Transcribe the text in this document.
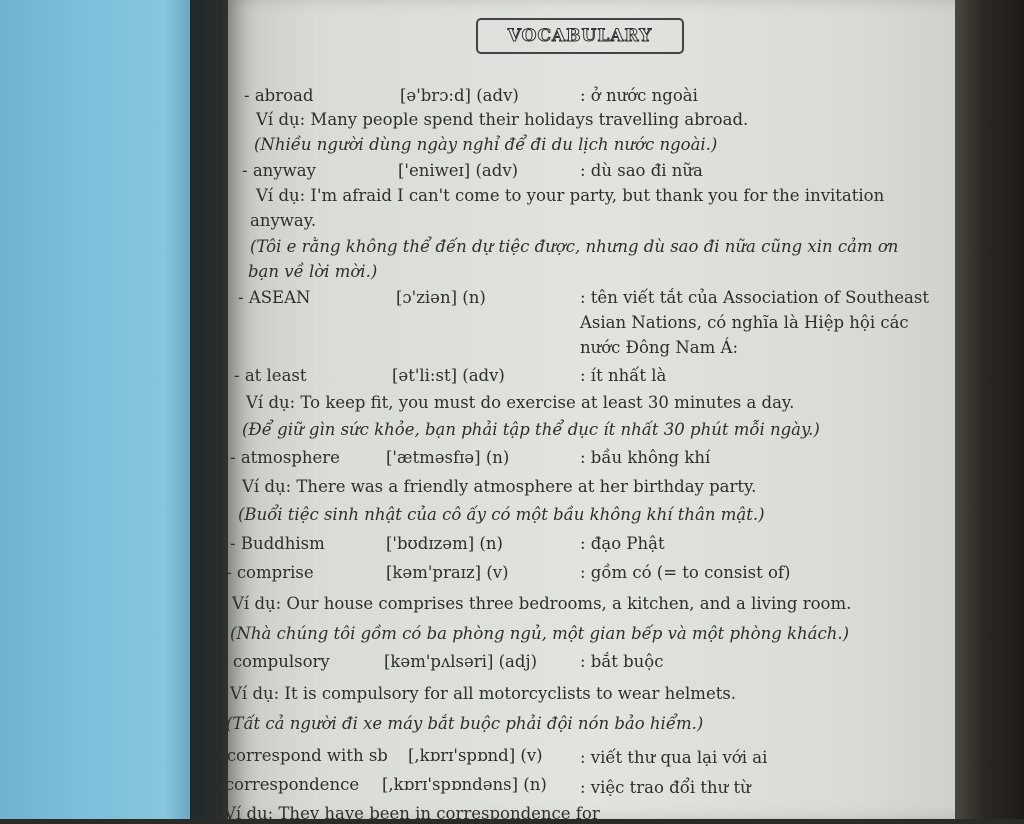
VOCABULARY
- abroad	[ə'brɔ:d] (adv)	: ở nước ngoài
Ví dụ: Many people spend their holidays travelling abroad.
(Nhiều người dùng ngày nghỉ để đi du lịch nước ngoài.)
- anyway	['eniweɪ] (adv)	: dù sao đi nữa
Ví dụ: I'm afraid I can't come to your party, but thank you for the invitation
anyway.
(Tôi e rằng không thể đến dự tiệc được, nhưng dù sao đi nữa cũng xin cảm ơn
bạn về lời mời.)
- ASEAN	[ɔ'ziən] (n)	: tên viết tắt của Association of Southeast
Asian Nations, có nghĩa là Hiệp hội các
nước Đông Nam Á:
- at least	[ət'li:st] (adv)	: ít nhất là
Ví dụ: To keep fit, you must do exercise at least 30 minutes a day.
(Để giữ gìn sức khỏe, bạn phải tập thể dục ít nhất 30 phút mỗi ngày.)
- atmosphere	['ætməsfɪə] (n)	: bầu không khí
Ví dụ: There was a friendly atmosphere at her birthday party.
(Buổi tiệc sinh nhật của cô ấy có một bầu không khí thân mật.)
- Buddhism	['bʊdɪzəm] (n)	: đạo Phật
- comprise	[kəm'praɪz] (v)	: gồm có (= to consist of)
Ví dụ: Our house comprises three bedrooms, a kitchen, and a living room.
(Nhà chúng tôi gồm có ba phòng ngủ, một gian bếp và một phòng khách.)
- compulsory	[kəm'pʌlsəri] (adj)	: bắt buộc
Ví dụ: It is compulsory for all motorcyclists to wear helmets.
(Tất cả người đi xe máy bắt buộc phải đội nón bảo hiểm.)
- correspond with sb [,kɒrɪ'spɒnd] (v) : viết thư qua lại với ai
- correspondence [,kɒrɪ'spɒndəns] (n) : việc trao đổi thư từ
Ví dụ: They have been in correspondence for
